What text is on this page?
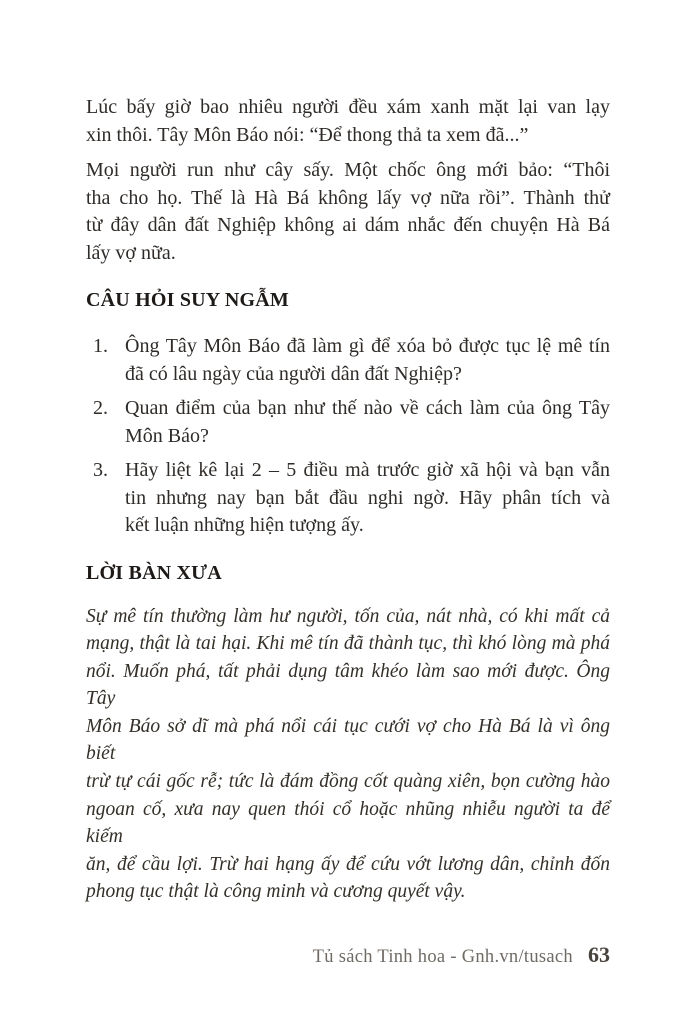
Lúc bấy giờ bao nhiêu người đều xám xanh mặt lại van lạy
xin thôi. Tây Môn Báo nói: “Để thong thả ta xem đã...”
Mọi người run như cây sấy. Một chốc ông mới bảo: “Thôi
tha cho họ. Thế là Hà Bá không lấy vợ nữa rồi”. Thành thử
từ đây dân đất Nghiệp không ai dám nhắc đến chuyện Hà Bá
lấy vợ nữa.
CÂU HỎI SUY NGẪM
1. Ông Tây Môn Báo đã làm gì để xóa bỏ được tục lệ mê tín
đã có lâu ngày của người dân đất Nghiệp?
2. Quan điểm của bạn như thế nào về cách làm của ông Tây
Môn Báo?
3. Hãy liệt kê lại 2 – 5 điều mà trước giờ xã hội và bạn vẫn
tin nhưng nay bạn bắt đầu nghi ngờ. Hãy phân tích và
kết luận những hiện tượng ấy.
LỜI BÀN XƯA
Sự mê tín thường làm hư người, tốn của, nát nhà, có khi mất cả
mạng, thật là tai hại. Khi mê tín đã thành tục, thì khó lòng mà phá
nổi. Muốn phá, tất phải dụng tâm khéo làm sao mới được. Ông Tây
Môn Báo sở dĩ mà phá nổi cái tục cưới vợ cho Hà Bá là vì ông biết
trừ tự cái gốc rễ; tức là đám đồng cốt quàng xiên, bọn cường hào
ngoan cố, xưa nay quen thói cổ hoặc nhũng nhiễu người ta để kiếm
ăn, để cầu lợi. Trừ hai hạng ấy để cứu vớt lương dân, chỉnh đốn
phong tục thật là công minh và cương quyết vậy.
Tủ sách Tinh hoa - Gnh.vn/tusach 63
